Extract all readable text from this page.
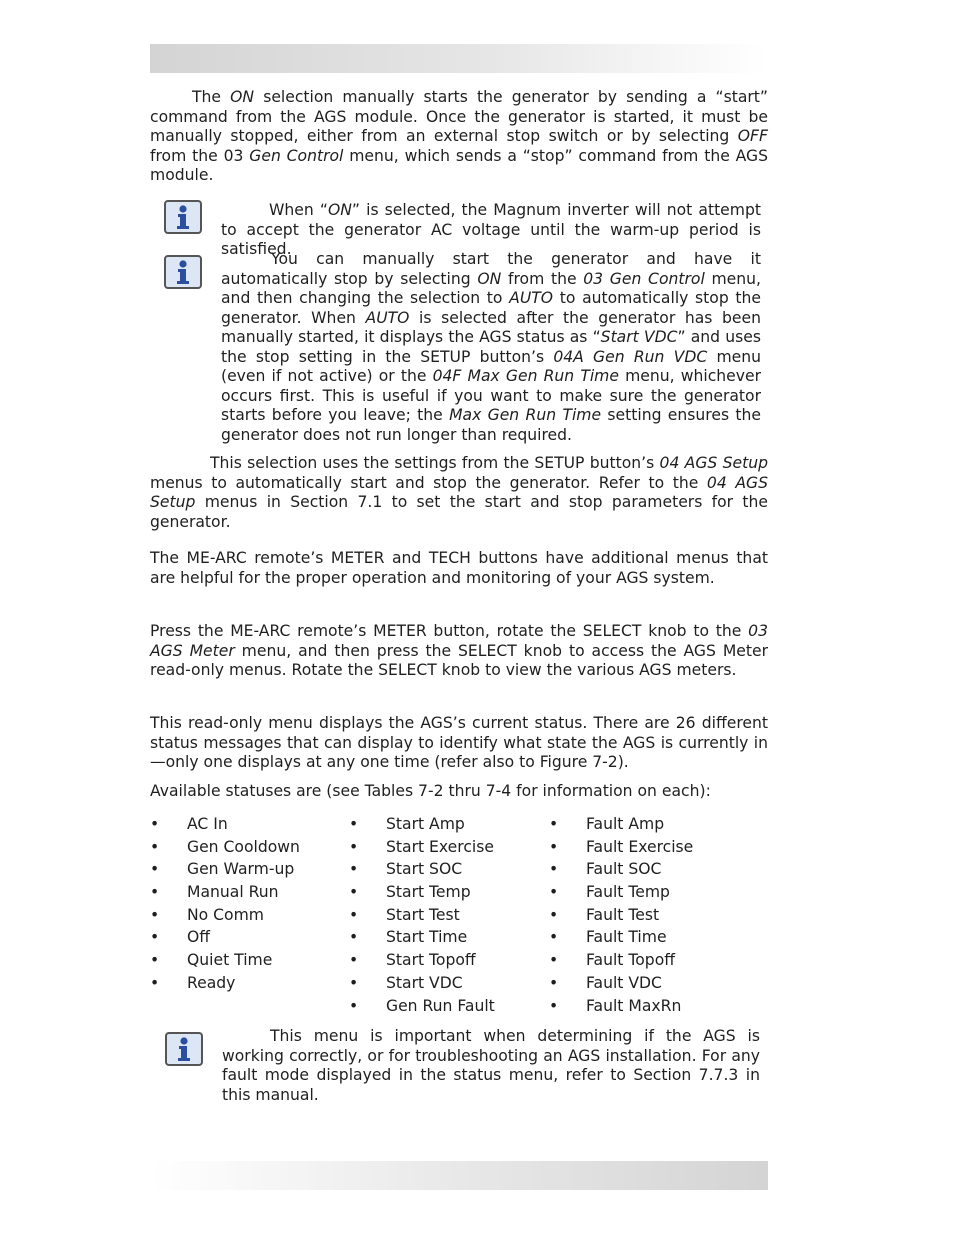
The ON selection manually starts the generator by sending a “start” command from the AGS module. Once the generator is started, it must be manually stopped, either from an external stop switch or by selecting OFF from the 03 Gen Control menu, which sends a “stop” command from the AGS module.

When “ON” is selected, the Magnum inverter will not attempt to accept the generator AC voltage until the warm-up period is satisfied.

You can manually start the generator and have it automatically stop by selecting ON from the 03 Gen Control menu, and then changing the selection to AUTO to automatically stop the generator. When AUTO is selected after the generator has been manually started, it displays the AGS status as “Start VDC” and uses the stop setting in the SETUP button’s 04A Gen Run VDC menu (even if not active) or the 04F Max Gen Run Time menu, whichever occurs first. This is useful if you want to make sure the generator starts before you leave; the Max Gen Run Time setting ensures the generator does not run longer than required.

This selection uses the settings from the SETUP button’s 04 AGS Setup menus to automatically start and stop the generator. Refer to the 04 AGS Setup menus in Section 7.1 to set the start and stop parameters for the generator.

The ME-ARC remote’s METER and TECH buttons have additional menus that are helpful for the proper operation and monitoring of your AGS system.

Press the ME-ARC remote’s METER button, rotate the SELECT knob to the 03 AGS Meter menu, and then press the SELECT knob to access the AGS Meter read-only menus. Rotate the SELECT knob to view the various AGS meters.

This read-only menu displays the AGS’s current status. There are 26 different status messages that can display to identify what state the AGS is currently in—only one displays at any one time (refer also to Figure 7-2).

Available statuses are (see Tables 7-2 thru 7-4 for information on each):

• AC In
• Gen Cooldown
• Gen Warm-up
• Manual Run
• No Comm
• Off
• Quiet Time
• Ready
• Start Amp
• Start Exercise
• Start SOC
• Start Temp
• Start Test
• Start Time
• Start Topoff
• Start VDC
• Gen Run Fault
• Fault Amp
• Fault Exercise
• Fault SOC
• Fault Temp
• Fault Test
• Fault Time
• Fault Topoff
• Fault VDC
• Fault MaxRn

This menu is important when determining if the AGS is working correctly, or for troubleshooting an AGS installation. For any fault mode displayed in the status menu, refer to Section 7.7.3 in this manual.
